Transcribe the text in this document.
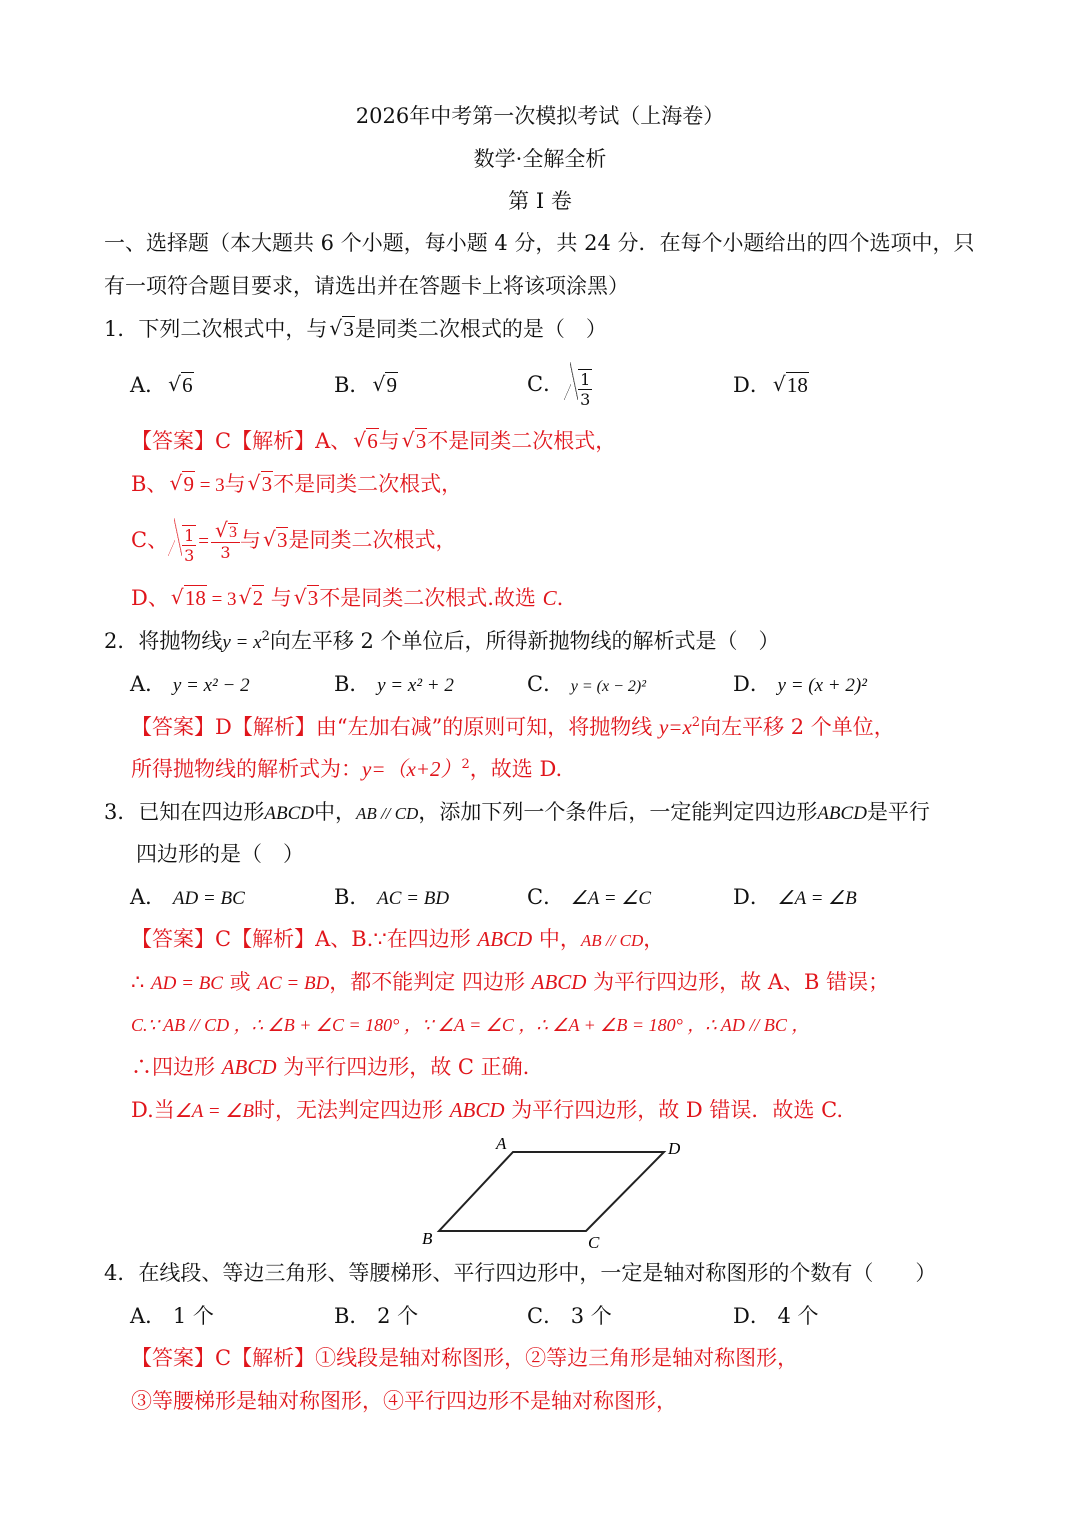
2026年中考第一次模拟考试（上海卷）
数学·全解全析
第 I 卷
一、选择题（本大题共 6 个小题，每小题 4 分，共 24 分．在每个小题给出的四个选项中，只
有一项符合题目要求，请选出并在答题卡上将该项涂黑）
1．下列二次根式中，与 √ 3是同类二次根式的是（　）
A． √ 6	B． √ 9	C． $\frac{1}{3}$	D． √ 18
【答案】C【解析】A、 √ 6与 √ 3不是同类二次根式，
B、 √ 9 = 3与 √ 3不是同类二次根式，
C、 $\frac{1}{3}$ = √ $\frac{3}{3}$ 与 √ 3是同类二次根式，
D、 √ 18 = 3 √ 2 与 √ 3不是同类二次根式.故选 C.
2．将抛物线$y = x^2$向左平移 2 个单位后，所得新抛物线的解析式是（　）
A． y = x² − 2	B． y = x² + 2	C． y = (x − 2)²	D． y = (x + 2)²
【答案】D【解析】由“左加右减”的原则可知，将抛物线 $y=x^2$向左平移 2 个单位，
所得抛物线的解析式为：$y=(x+2)^2$，故选 D.
3．已知在四边形ABCD中，AB // CD，添加下列一个条件后，一定能判定四边形ABCD是平行
四边形的是（　）
A． AD = BC	B． AC = BD	C． ∠A = ∠C	D． ∠A = ∠B
【答案】C【解析】A、B.∵在四边形 ABCD 中，AB // CD，
∴ AD = BC 或 AC = BD，都不能判定 四边形 ABCD 为平行四边形，故 A、B 错误；
C.∵ AB // CD ，∴ ∠B + ∠C = 180° ，∵ ∠A = ∠C ，∴ ∠A + ∠B = 180° ，∴ AD // BC ，
∴四边形 ABCD 为平行四边形，故 C 正确.
D.当∠A = ∠B时，无法判定四边形 ABCD 为平行四边形，故 D 错误．故选 C.
A	D
B	C
4．在线段、等边三角形、等腰梯形、平行四边形中，一定是轴对称图形的个数有（　　）
A． 1 个	B． 2 个	C． 3 个	D． 4 个
【答案】C【解析】①线段是轴对称图形，②等边三角形是轴对称图形，
③等腰梯形是轴对称图形，④平行四边形不是轴对称图形，
